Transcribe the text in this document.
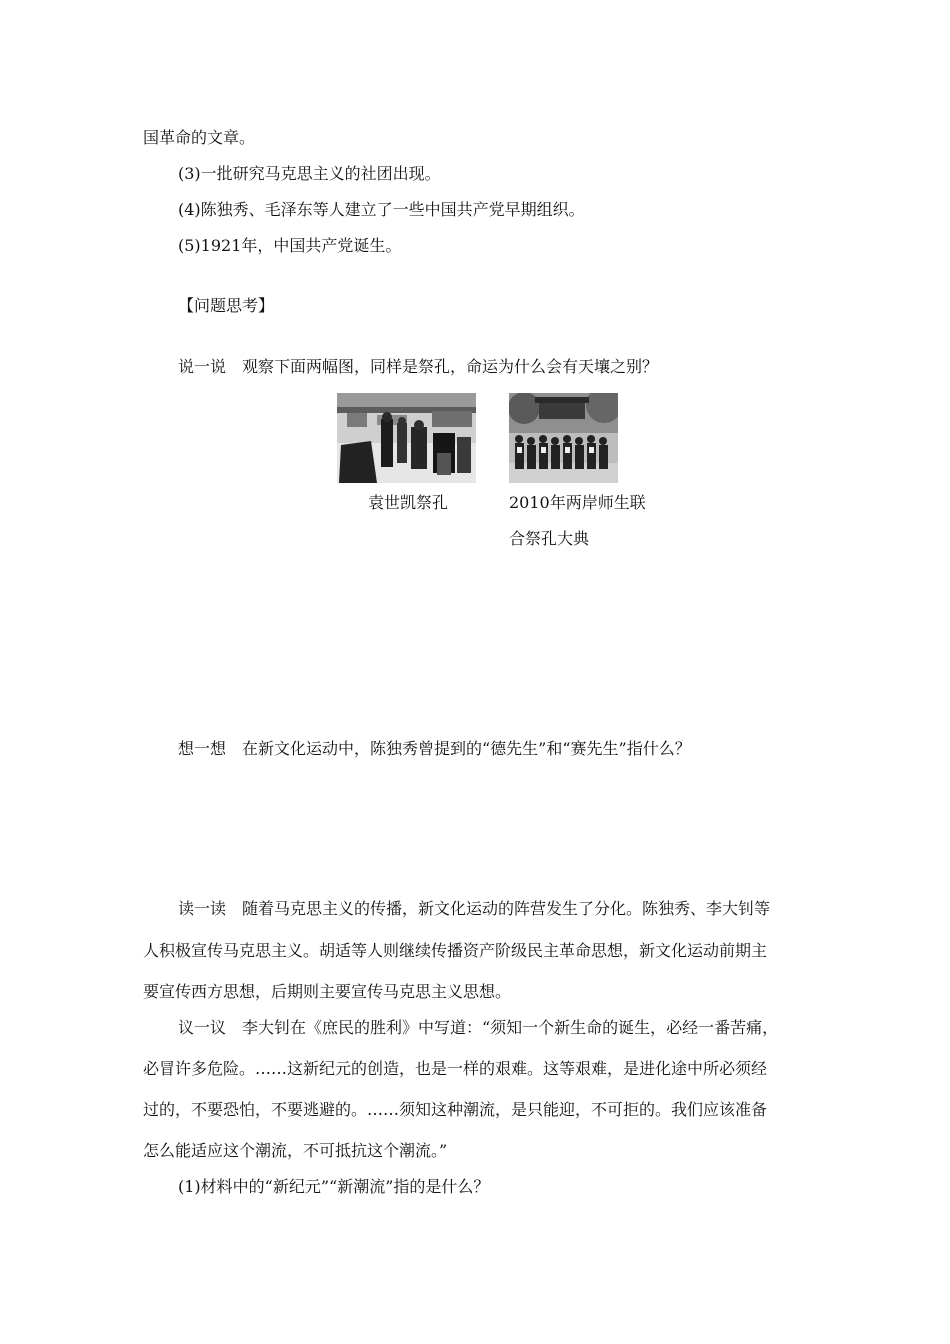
国革命的文章。
(3)一批研究马克思主义的社团出现。
(4)陈独秀、毛泽东等人建立了一些中国共产党早期组织。
(5)1921年，中国共产党诞生。
【问题思考】
说一说　观察下面两幅图，同样是祭孔，命运为什么会有天壤之别？
袁世凯祭孔	2010年两岸师生联
合祭孔大典
想一想　在新文化运动中，陈独秀曾提到的“德先生”和“赛先生”指什么？
读一读　随着马克思主义的传播，新文化运动的阵营发生了分化。陈独秀、李大钊等
人积极宣传马克思主义。胡适等人则继续传播资产阶级民主革命思想，新文化运动前期主
要宣传西方思想，后期则主要宣传马克思主义思想。
议一议　李大钊在《庶民的胜利》中写道：“须知一个新生命的诞生，必经一番苦痛，
必冒许多危险。……这新纪元的创造，也是一样的艰难。这等艰难，是进化途中所必须经
过的，不要恐怕，不要逃避的。……须知这种潮流，是只能迎，不可拒的。我们应该准备
怎么能适应这个潮流，不可抵抗这个潮流。”
(1)材料中的“新纪元”“新潮流”指的是什么？
